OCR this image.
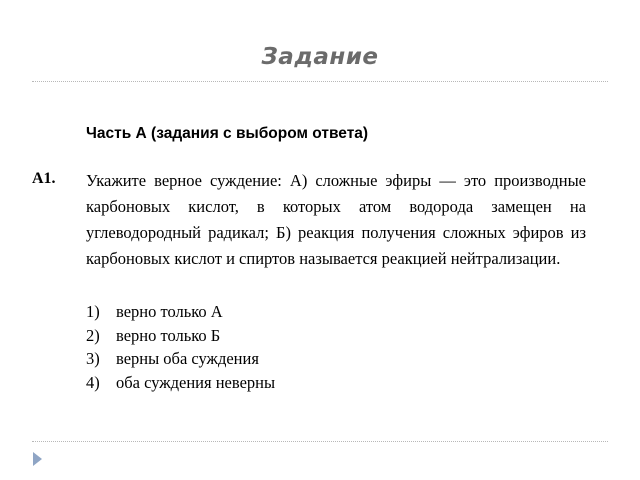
Задание
Часть А (задания с выбором ответа)
А1. Укажите верное суждение: А) сложные эфиры — это производные карбоновых кислот, в которых атом водорода замещен на углеводородный радикал; Б) реакция получения сложных эфиров из карбоновых кислот и спиртов называется реакцией нейтрализации.
1) верно только А
2) верно только Б
3) верны оба суждения
4) оба суждения неверны
